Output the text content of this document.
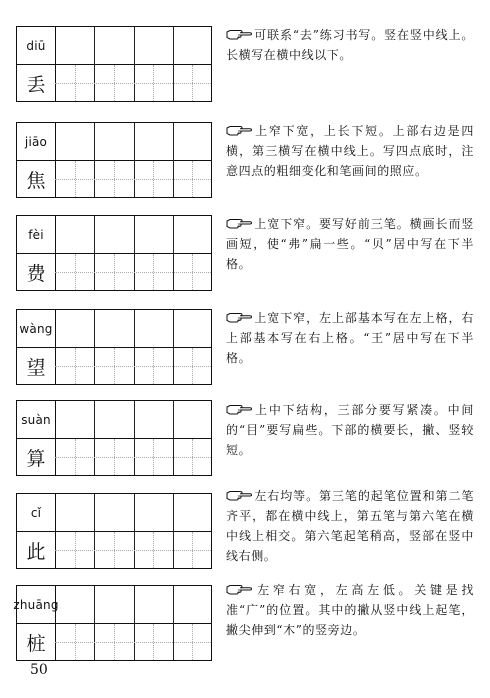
diū
丢
可联系“去”练习书写。竖在竖中线上。长横写在横中线以下。
jiāo
焦
上窄下宽，上长下短。上部右边是四横，第三横写在横中线上。写四点底时，注意四点的粗细变化和笔画间的照应。
fèi
费
上宽下窄。要写好前三笔。横画长而竖画短，使“弗”扁一些。“贝”居中写在下半格。
wàng
望
上宽下窄，左上部基本写在左上格，右上部基本写在右上格。“王”居中写在下半格。
suàn
算
上中下结构，三部分要写紧凑。中间的“目”要写扁些。下部的横要长，撇、竖较短。
cǐ
此
左右均等。第三笔的起笔位置和第二笔齐平，都在横中线上，第五笔与第六笔在横中线上相交。第六笔起笔稍高，竖部在竖中线右侧。
zhuāng
桩
左窄右宽，左高左低。关键是找准“广”的位置。其中的撇从竖中线上起笔，撇尖伸到“木”的竖旁边。
50
